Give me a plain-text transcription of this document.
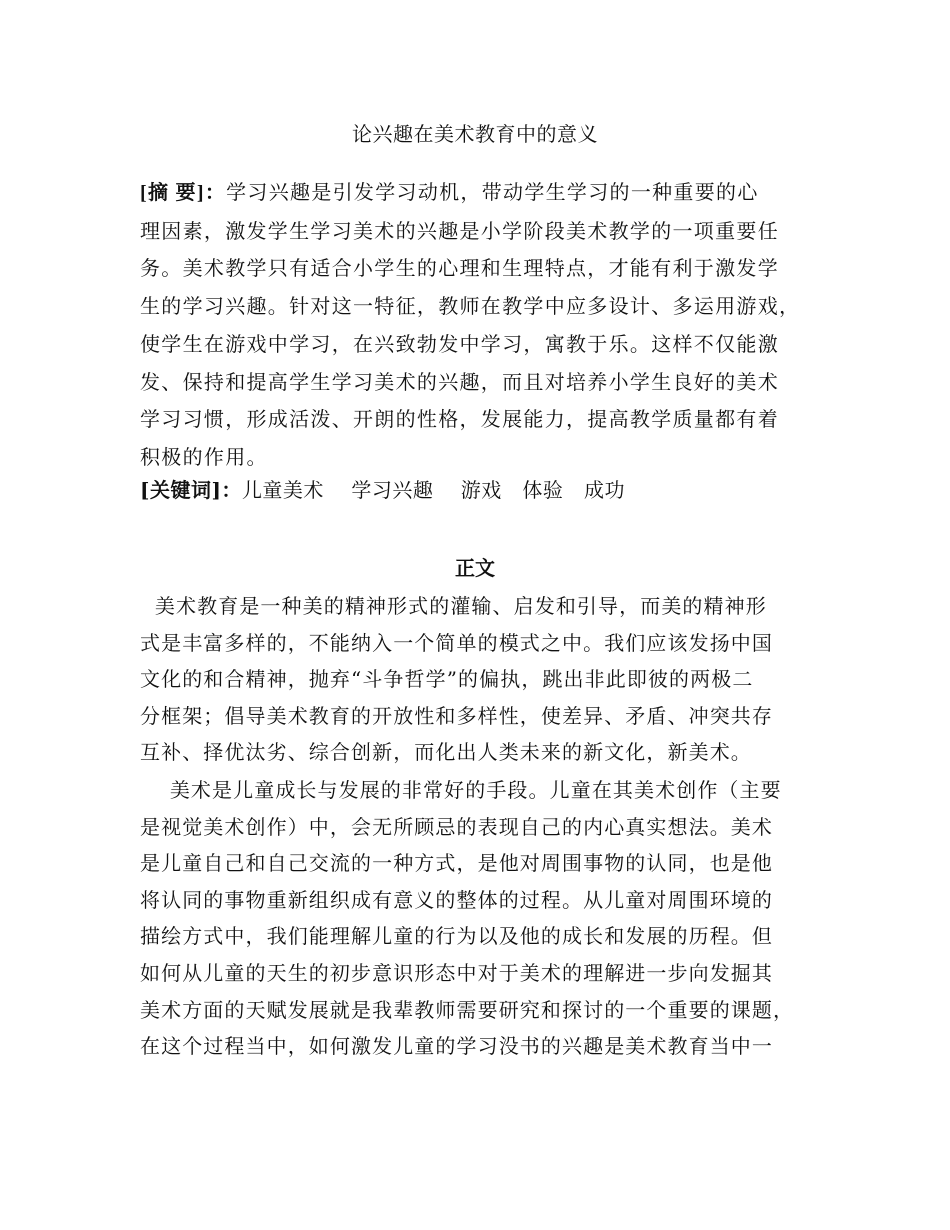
论兴趣在美术教育中的意义
[摘 要]：学习兴趣是引发学习动机，带动学生学习的一种重要的心
理因素，激发学生学习美术的兴趣是小学阶段美术教学的一项重要任
务。美术教学只有适合小学生的心理和生理特点，才能有利于激发学
生的学习兴趣。针对这一特征，教师在教学中应多设计、多运用游戏，
使学生在游戏中学习，在兴致勃发中学习，寓教于乐。这样不仅能激
发、保持和提高学生学习美术的兴趣，而且对培养小学生良好的美术
学习习惯，形成活泼、开朗的性格，发展能力，提高教学质量都有着
积极的作用。
[关键词]：儿童美术    学习兴趣    游戏   体验   成功
正文
美术教育是一种美的精神形式的灌输、启发和引导，而美的精神形
式是丰富多样的，不能纳入一个简单的模式之中。我们应该发扬中国
文化的和合精神，抛弃“斗争哲学”的偏执，跳出非此即彼的两极二
分框架；倡导美术教育的开放性和多样性，使差异、矛盾、冲突共存
互补、择优汰劣、综合创新，而化出人类未来的新文化，新美术。
美术是儿童成长与发展的非常好的手段。儿童在其美术创作（主要
是视觉美术创作）中，会无所顾忌的表现自己的内心真实想法。美术
是儿童自己和自己交流的一种方式，是他对周围事物的认同，也是他
将认同的事物重新组织成有意义的整体的过程。从儿童对周围环境的
描绘方式中，我们能理解儿童的行为以及他的成长和发展的历程。但
如何从儿童的天生的初步意识形态中对于美术的理解进一步向发掘其
美术方面的天赋发展就是我辈教师需要研究和探讨的一个重要的课题，
在这个过程当中，如何激发儿童的学习没书的兴趣是美术教育当中一
